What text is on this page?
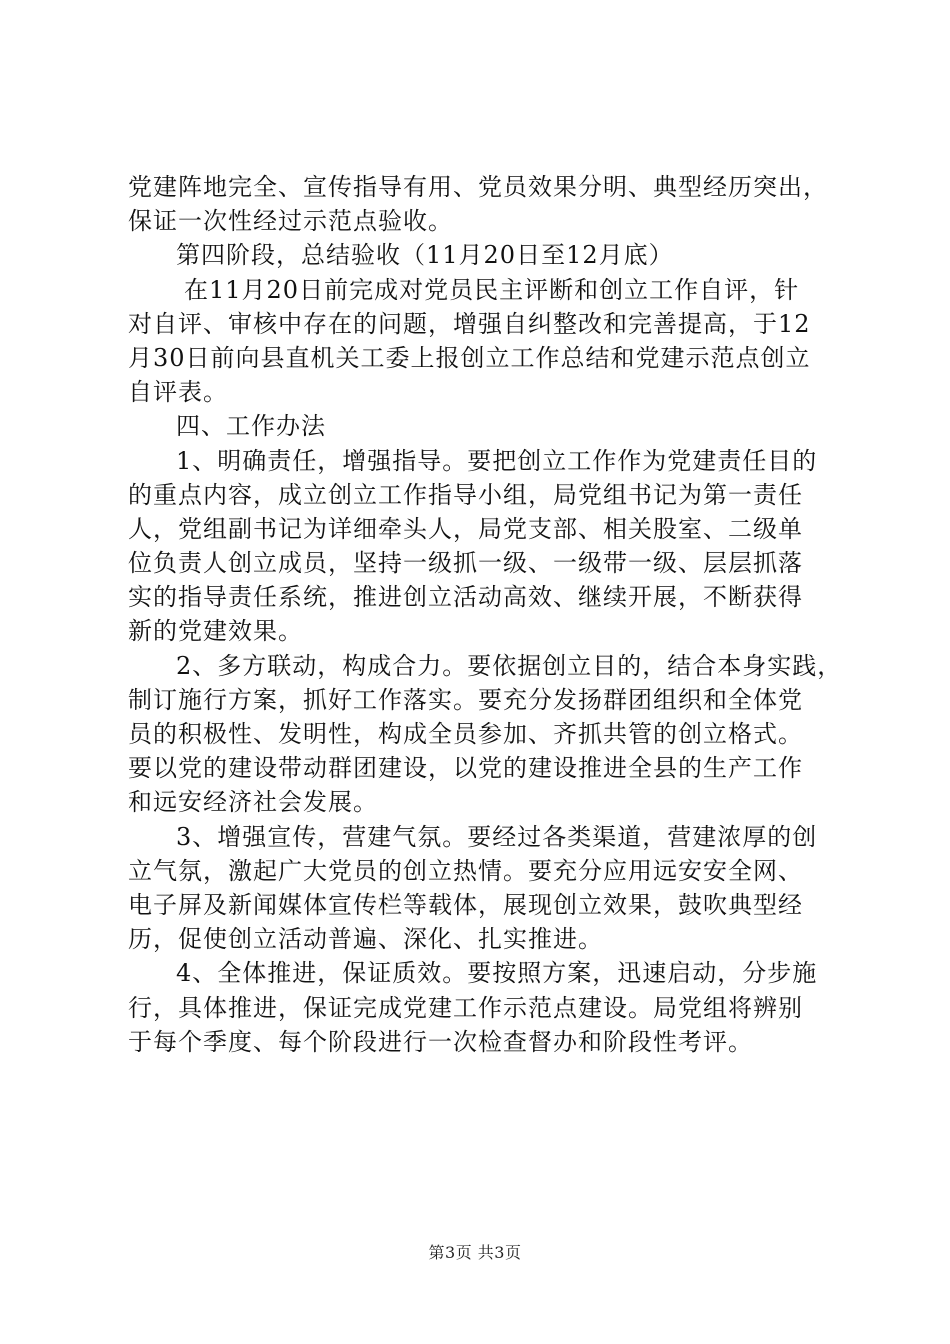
党建阵地完全、宣传指导有用、党员效果分明、典型经历突出，
保证一次性经过示范点验收。
第四阶段，总结验收（11月20日至12月底）
在11月20日前完成对党员民主评断和创立工作自评，针
对自评、审核中存在的问题，增强自纠整改和完善提高，于12
月30日前向县直机关工委上报创立工作总结和党建示范点创立
自评表。
四、工作办法
1、明确责任，增强指导。要把创立工作作为党建责任目的
的重点内容，成立创立工作指导小组，局党组书记为第一责任
人，党组副书记为详细牵头人，局党支部、相关股室、二级单
位负责人创立成员，坚持一级抓一级、一级带一级、层层抓落
实的指导责任系统，推进创立活动高效、继续开展，不断获得
新的党建效果。
2、多方联动，构成合力。要依据创立目的，结合本身实践，
制订施行方案，抓好工作落实。要充分发扬群团组织和全体党
员的积极性、发明性，构成全员参加、齐抓共管的创立格式。
要以党的建设带动群团建设，以党的建设推进全县的生产工作
和远安经济社会发展。
3、增强宣传，营建气氛。要经过各类渠道，营建浓厚的创
立气氛，激起广大党员的创立热情。要充分应用远安安全网、
电子屏及新闻媒体宣传栏等载体，展现创立效果，鼓吹典型经
历，促使创立活动普遍、深化、扎实推进。
4、全体推进，保证质效。要按照方案，迅速启动，分步施
行，具体推进，保证完成党建工作示范点建设。局党组将辨别
于每个季度、每个阶段进行一次检查督办和阶段性考评。
第3页 共3页
